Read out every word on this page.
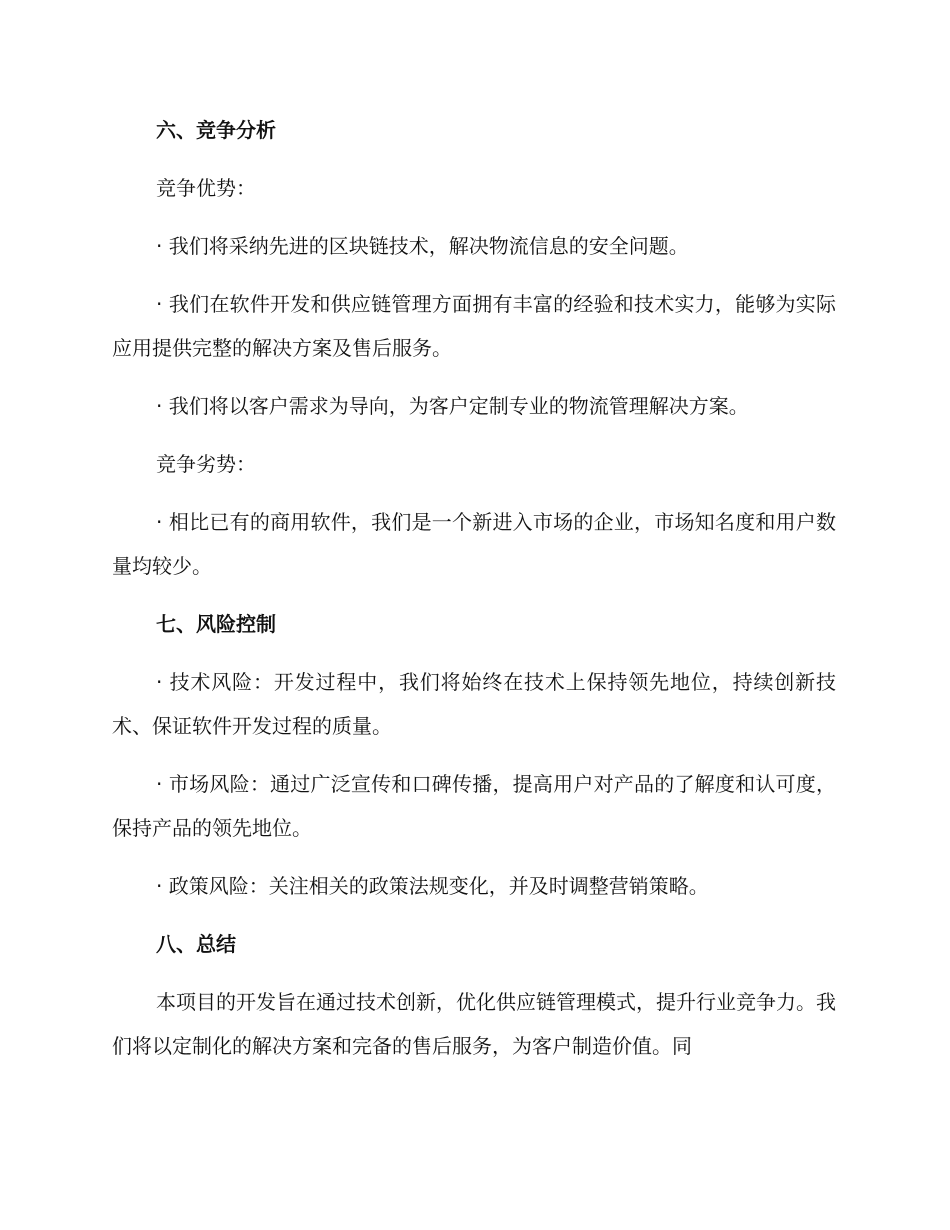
六、竞争分析
竞争优势：
· 我们将采纳先进的区块链技术，解决物流信息的安全问题。
· 我们在软件开发和供应链管理方面拥有丰富的经验和技术实力，能够为实际应用提供完整的解决方案及售后服务。
· 我们将以客户需求为导向，为客户定制专业的物流管理解决方案。
竞争劣势：
· 相比已有的商用软件，我们是一个新进入市场的企业，市场知名度和用户数量均较少。
七、风险控制
· 技术风险：开发过程中，我们将始终在技术上保持领先地位，持续创新技术、保证软件开发过程的质量。
· 市场风险：通过广泛宣传和口碑传播，提高用户对产品的了解度和认可度，保持产品的领先地位。
· 政策风险：关注相关的政策法规变化，并及时调整营销策略。
八、总结
本项目的开发旨在通过技术创新，优化供应链管理模式，提升行业竞争力。我们将以定制化的解决方案和完备的售后服务，为客户制造价值。同
